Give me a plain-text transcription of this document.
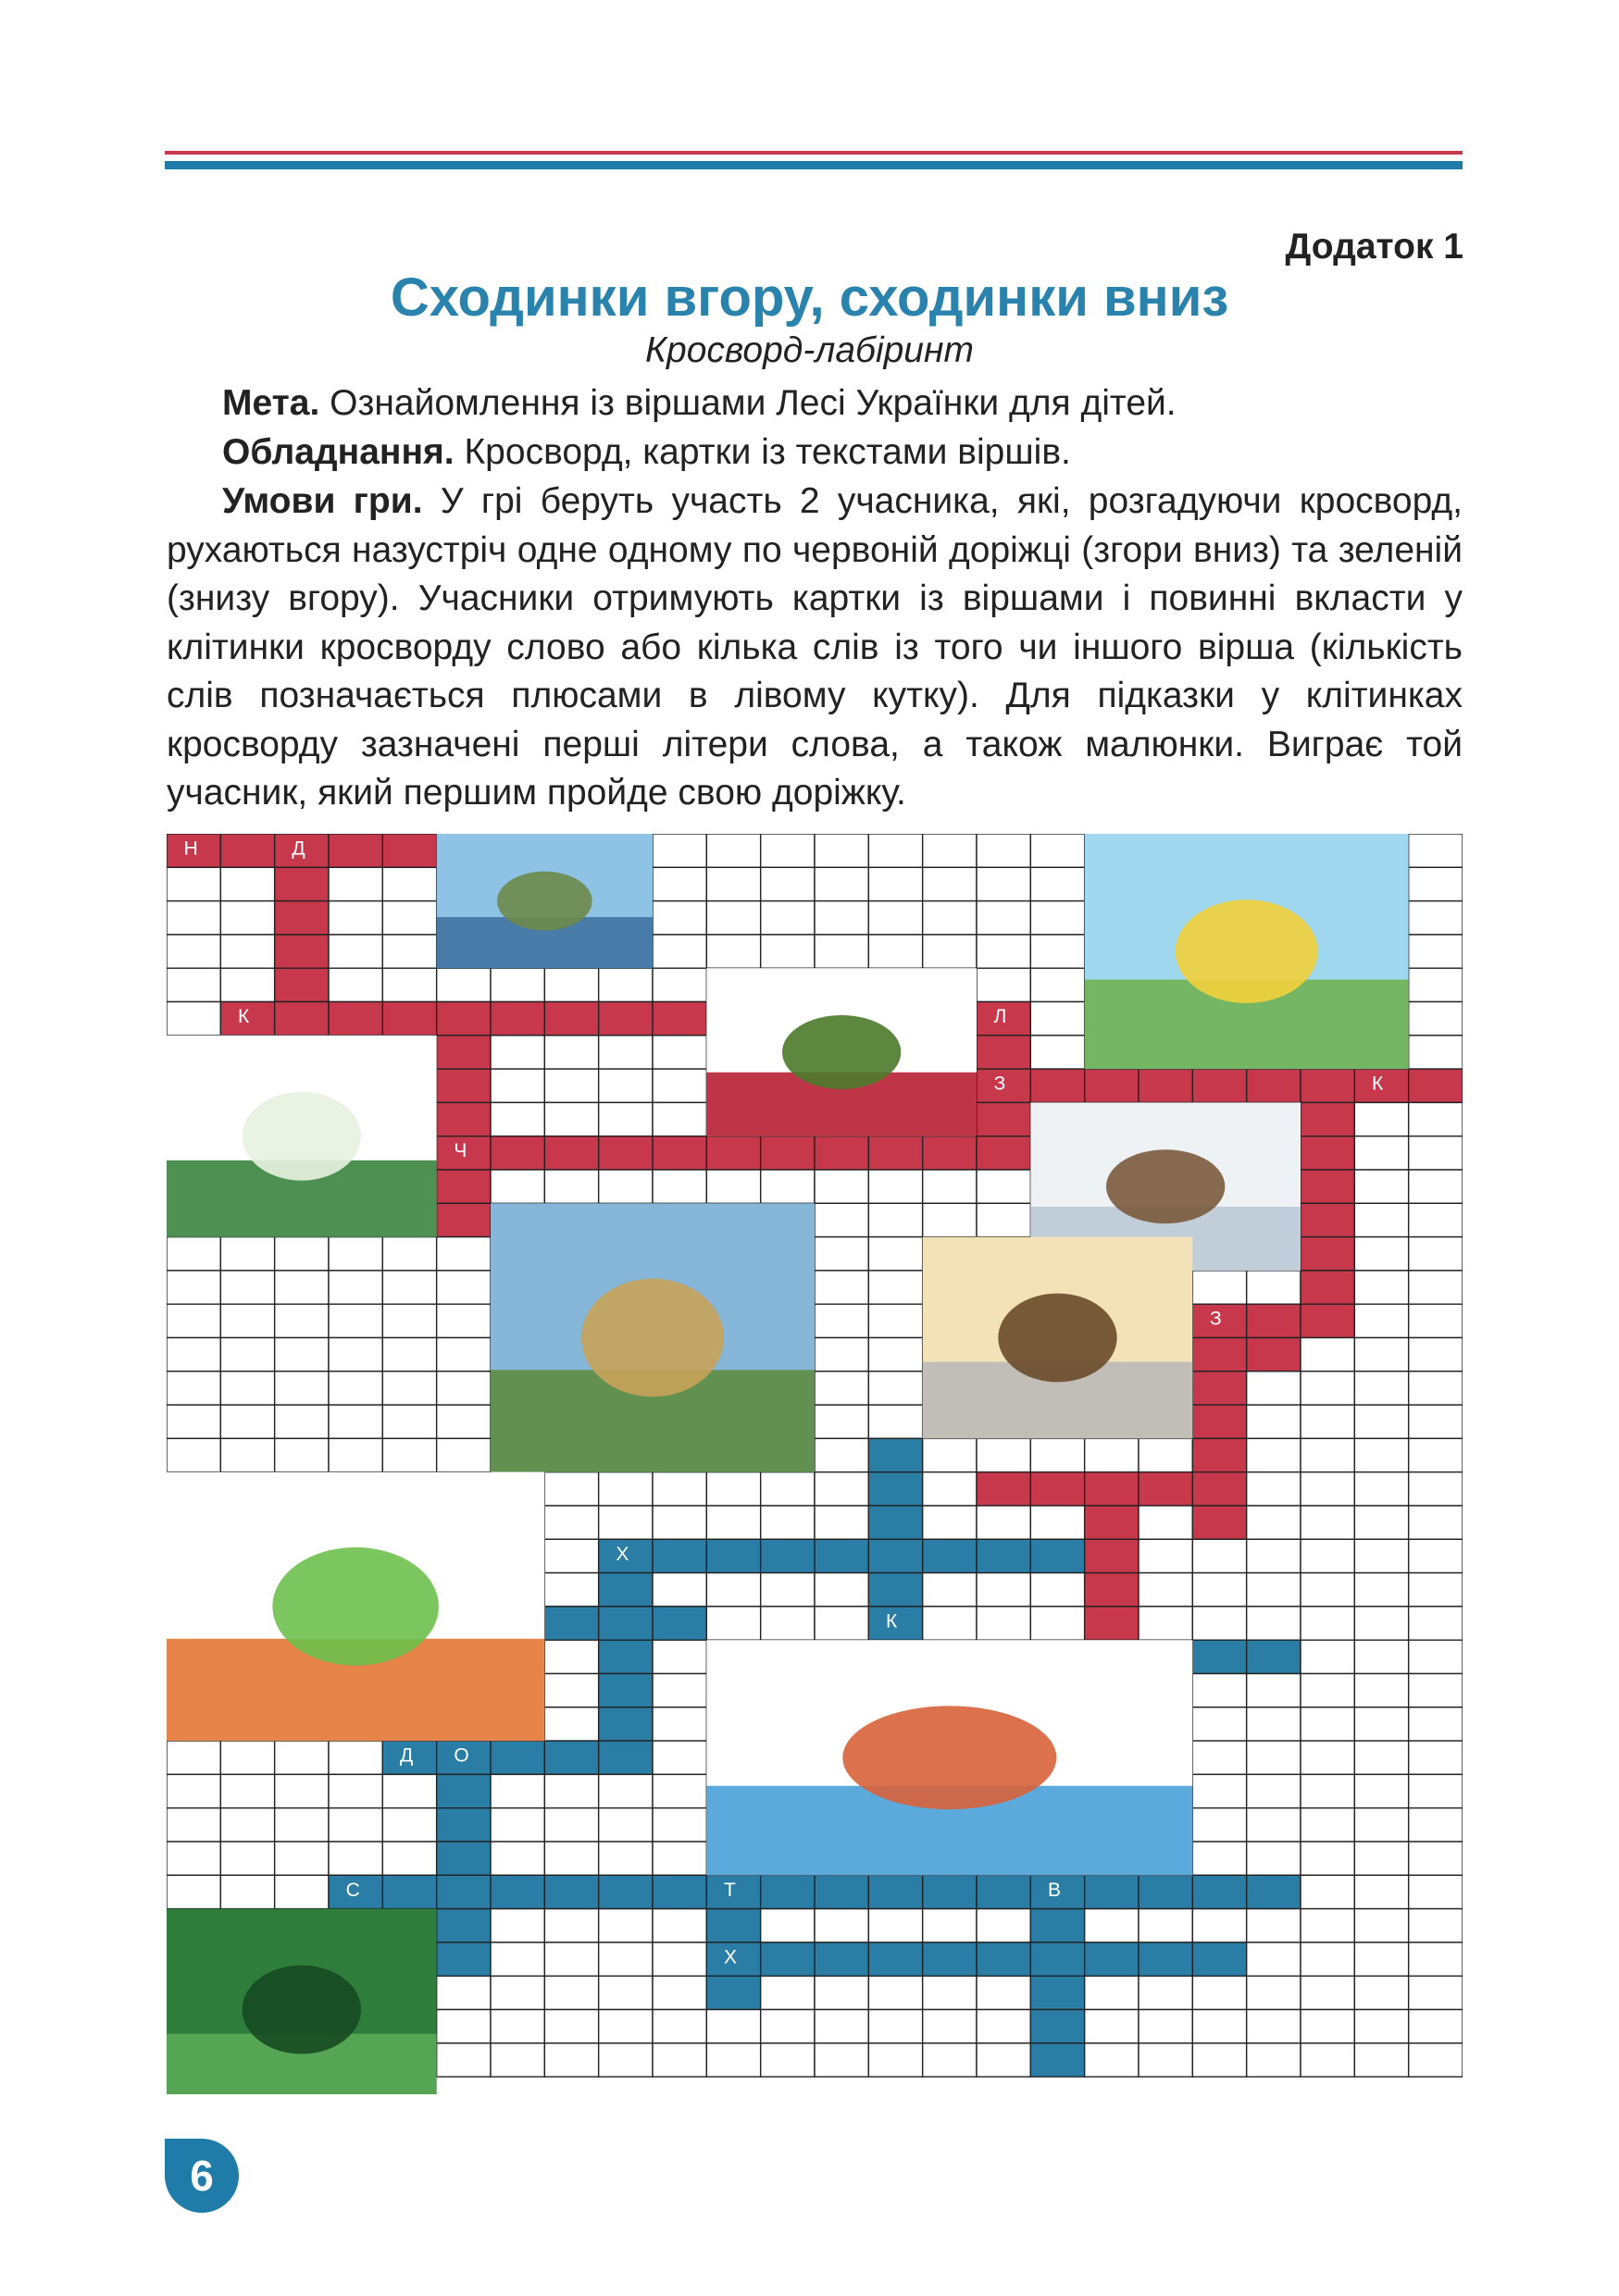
Додаток 1
Сходинки вгору, сходинки вниз
Кросворд-лабіринт
Мета. Ознайомлення із віршами Лесі Українки для дітей.
Обладнання. Кросворд, картки із текстами віршів.
Умови гри. У грі беруть участь 2 учасника, які, розгадуючи кросворд, рухаються назустріч одне одному по червоній доріжці (згори вниз) та зеленій (знизу вгору). Учасники отримують картки із віршами і повинні вкласти у клітинки кросворду слово або кілька слів із того чи іншого вірша (кількість слів позначається плюсами в лівому кутку). Для підказки у клітинках кросворду зазначені перші літери слова, а також малюнки. Виграє той учасник, який першим пройде свою доріжку.
Н	Д
К
П
Л
З	К
Ч
Д
З
М
В	С
Х
К
Д О
С	Т	В
Х
6
